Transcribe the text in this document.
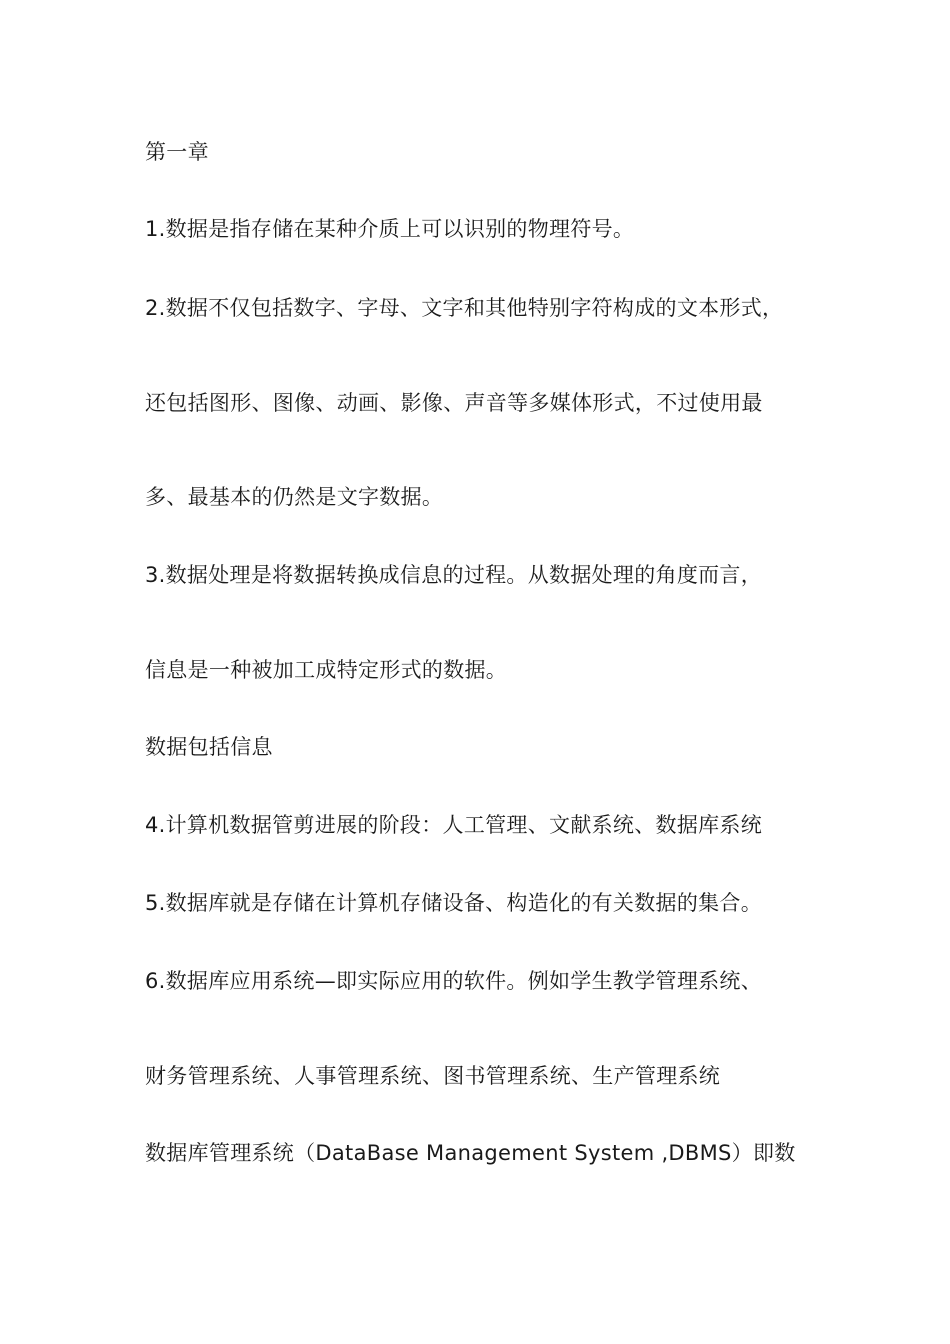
第一章

1.数据是指存储在某种介质上可以识别的物理符号。

2.数据不仅包括数字、字母、文字和其他特别字符构成的文本形式，

还包括图形、图像、动画、影像、声音等多媒体形式，不过使用最

多、最基本的仍然是文字数据。

3.数据处理是将数据转换成信息的过程。从数据处理的角度而言，

信息是一种被加工成特定形式的数据。

数据包括信息

4.计算机数据管剪进展的阶段：人工管理、文献系统、数据库系统

5.数据库就是存储在计算机存储设备、构造化的有关数据的集合。

6.数据库应用系统—即实际应用的软件。例如学生教学管理系统、

财务管理系统、人事管理系统、图书管理系统、生产管理系统

数据库管理系统（DataBase Management System ,DBMS）即数
